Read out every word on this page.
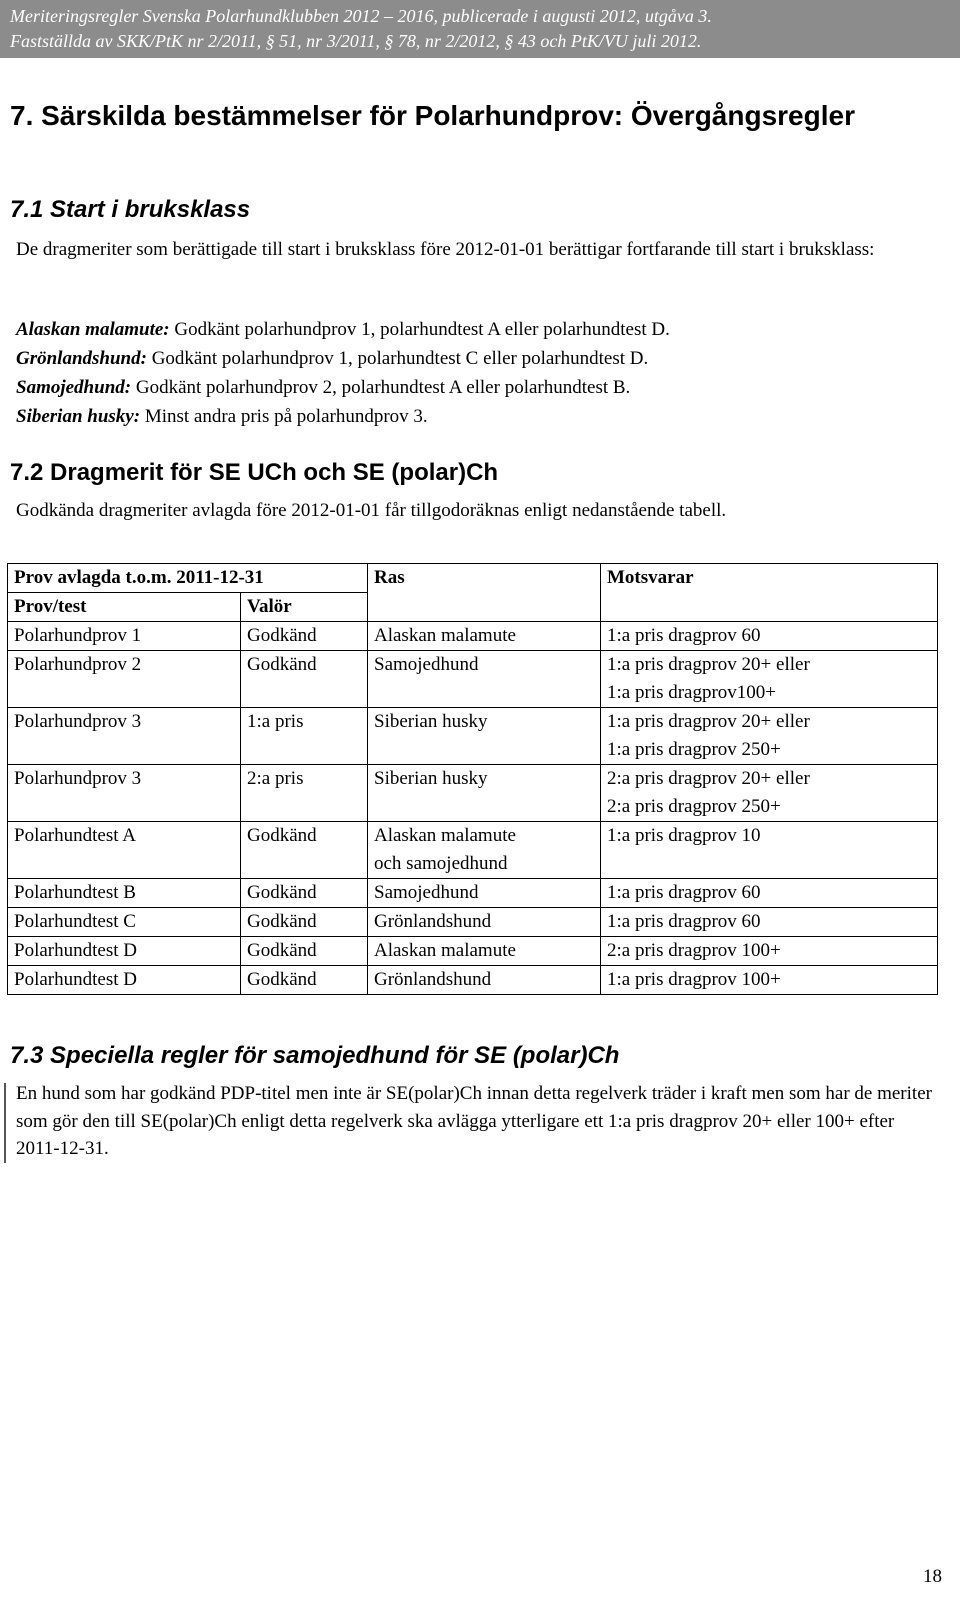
Meriteringsregler Svenska Polarhundklubben 2012 – 2016, publicerade i augusti 2012, utgåva 3.
Fastställda av SKK/PtK nr 2/2011, § 51, nr 3/2011, § 78, nr 2/2012, § 43 och PtK/VU juli 2012.
7. Särskilda bestämmelser för Polarhundprov: Övergångsregler
7.1 Start i bruksklass

De dragmeriter som berättigade till start i bruksklass före 2012-01-01 berättigar fortfarande till start i bruksklass:

Alaskan malamute: Godkänt polarhundprov 1, polarhundtest A eller polarhundtest D.
Grönlandshund: Godkänt polarhundprov 1, polarhundtest C eller polarhundtest D.
Samojedhund: Godkänt polarhundprov 2, polarhundtest A eller polarhundtest B.
Siberian husky: Minst andra pris på polarhundprov 3.
7.2 Dragmerit för SE UCh och SE (polar)Ch

Godkända dragmeriter avlagda före 2012-01-01 får tillgodoräknas enligt nedanstående tabell.

Prov avlagda t.o.m. 2011-12-31		Ras	Motsvarar
Prov/test	Valör		
Polarhundprov 1	Godkänd	Alaskan malamute	1:a pris dragprov 60
Polarhundprov 2	Godkänd	Samojedhund	1:a pris dragprov 20+ eller
1:a pris dragprov100+
Polarhundprov 3	1:a pris	Siberian husky	1:a pris dragprov 20+ eller
1:a pris dragprov 250+
Polarhundprov 3	2:a pris	Siberian husky	2:a pris dragprov 20+ eller
2:a pris dragprov 250+
Polarhundtest A	Godkänd	Alaskan malamute
och samojedhund	1:a pris dragprov 10
Polarhundtest B	Godkänd	Samojedhund	1:a pris dragprov 60
Polarhundtest C	Godkänd	Grönlandshund	1:a pris dragprov 60
Polarhundtest D	Godkänd	Alaskan malamute	2:a pris dragprov 100+
Polarhundtest D	Godkänd	Grönlandshund	1:a pris dragprov 100+
7.3 Speciella regler för samojedhund för SE (polar)Ch

En hund som har godkänd PDP-titel men inte är SE(polar)Ch innan detta regelverk träder i kraft men som har de meriter som gör den till SE(polar)Ch enligt detta regelverk ska avlägga ytterligare ett 1:a pris dragprov 20+ eller 100+ efter 2011-12-31.

18
